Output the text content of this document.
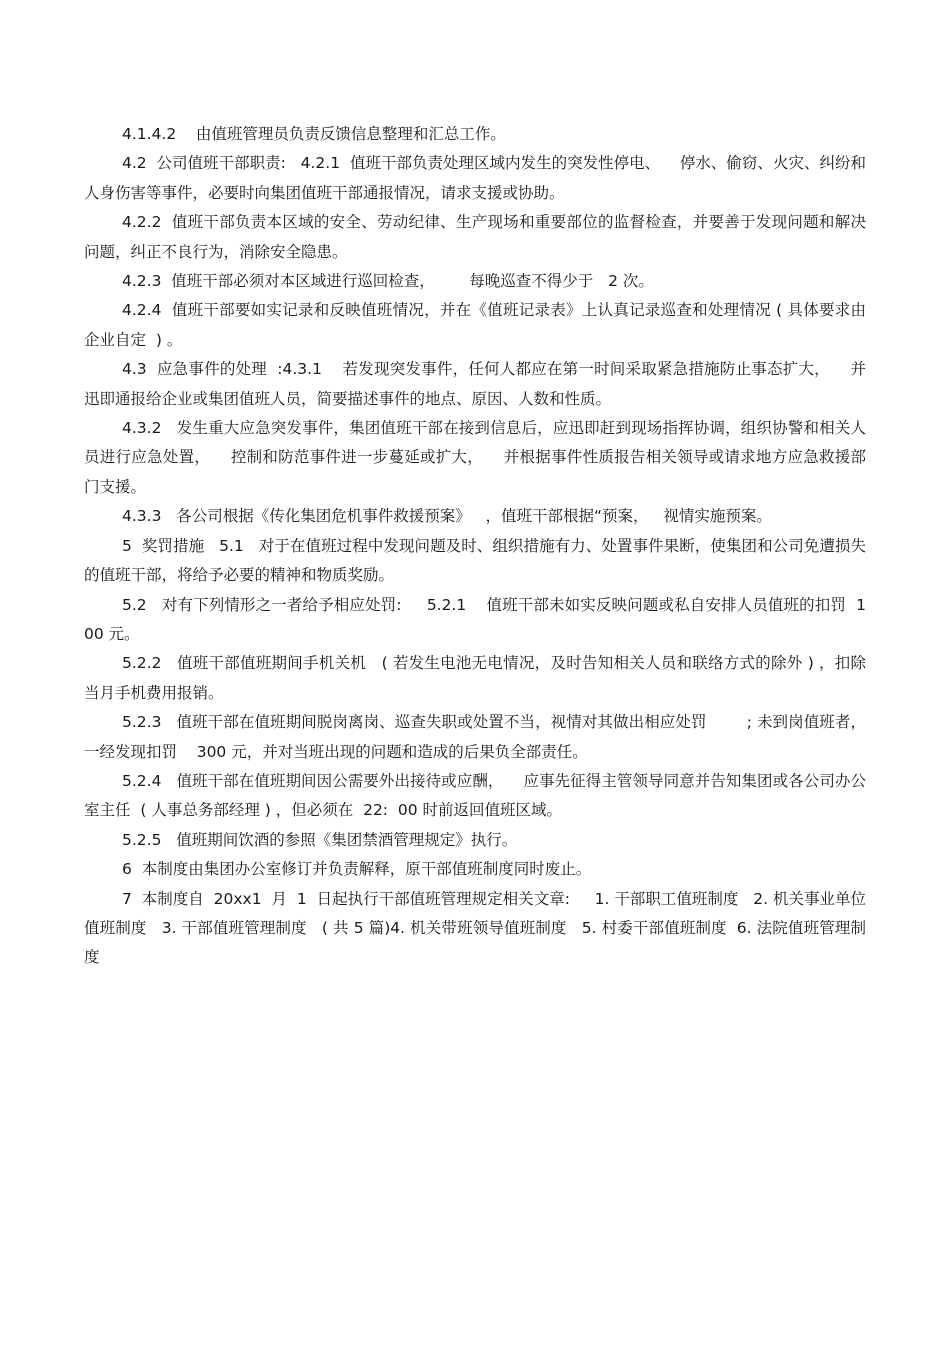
4.1.4.2    由值班管理员负责反馈信息整理和汇总工作。

4.2  公司值班干部职责:   4.2.1  值班干部负责处理区域内发生的突发性停电、    停水、偷窃、火灾、纠纷和人身伤害等事件，必要时向集团值班干部通报情况，请求支援或协助。

4.2.2  值班干部负责本区域的安全、劳动纪律、生产现场和重要部位的监督检查，并要善于发现问题和解决问题，纠正不良行为，消除安全隐患。

4.2.3  值班干部必须对本区域进行巡回检查，       每晚巡查不得少于   2 次。

4.2.4  值班干部要如实记录和反映值班情况，并在《值班记录表》上认真记录巡查和处理情况 ( 具体要求由企业自定  ) 。

4.3  应急事件的处理  :4.3.1    若发现突发事件，任何人都应在第一时间采取紧急措施防止事态扩大，    并迅即通报给企业或集团值班人员，简要描述事件的地点、原因、人数和性质。

4.3.2   发生重大应急突发事件，集团值班干部在接到信息后，应迅即赶到现场指挥协调，组织协警和相关人员进行应急处置，    控制和防范事件进一步蔓延或扩大，    并根据事件性质报告相关领导或请求地方应急救援部门支援。

4.3.3   各公司根据《传化集团危机事件救援预案》   ，值班干部根据“预案，   视情实施预案。

5  奖罚措施   5.1   对于在值班过程中发现问题及时、组织措施有力、处置事件果断，使集团和公司免遭损失的值班干部，将给予必要的精神和物质奖励。

5.2   对有下列情形之一者给予相应处罚:     5.2.1    值班干部未如实反映问题或私自安排人员值班的扣罚  100 元。

5.2.2   值班干部值班期间手机关机   ( 若发生电池无电情况，及时告知相关人员和联络方式的除外 ) ，扣除当月手机费用报销。

5.2.3   值班干部在值班期间脱岗离岗、巡查失职或处置不当，视情对其做出相应处罚        ; 未到岗值班者，一经发现扣罚    300 元，并对当班出现的问题和造成的后果负全部责任。

5.2.4   值班干部在值班期间因公需要外出接待或应酬，    应事先征得主管领导同意并告知集团或各公司办公室主任  ( 人事总务部经理 ) ，但必须在  22:  00 时前返回值班区域。

5.2.5   值班期间饮酒的参照《集团禁酒管理规定》执行。

6  本制度由集团办公室修订并负责解释，原干部值班制度同时废止。

7  本制度自  20xx1  月  1  日起执行干部值班管理规定相关文章:     1. 干部职工值班制度   2. 机关事业单位值班制度   3. 干部值班管理制度   ( 共 5 篇)4. 机关带班领导值班制度   5. 村委干部值班制度  6. 法院值班管理制度
